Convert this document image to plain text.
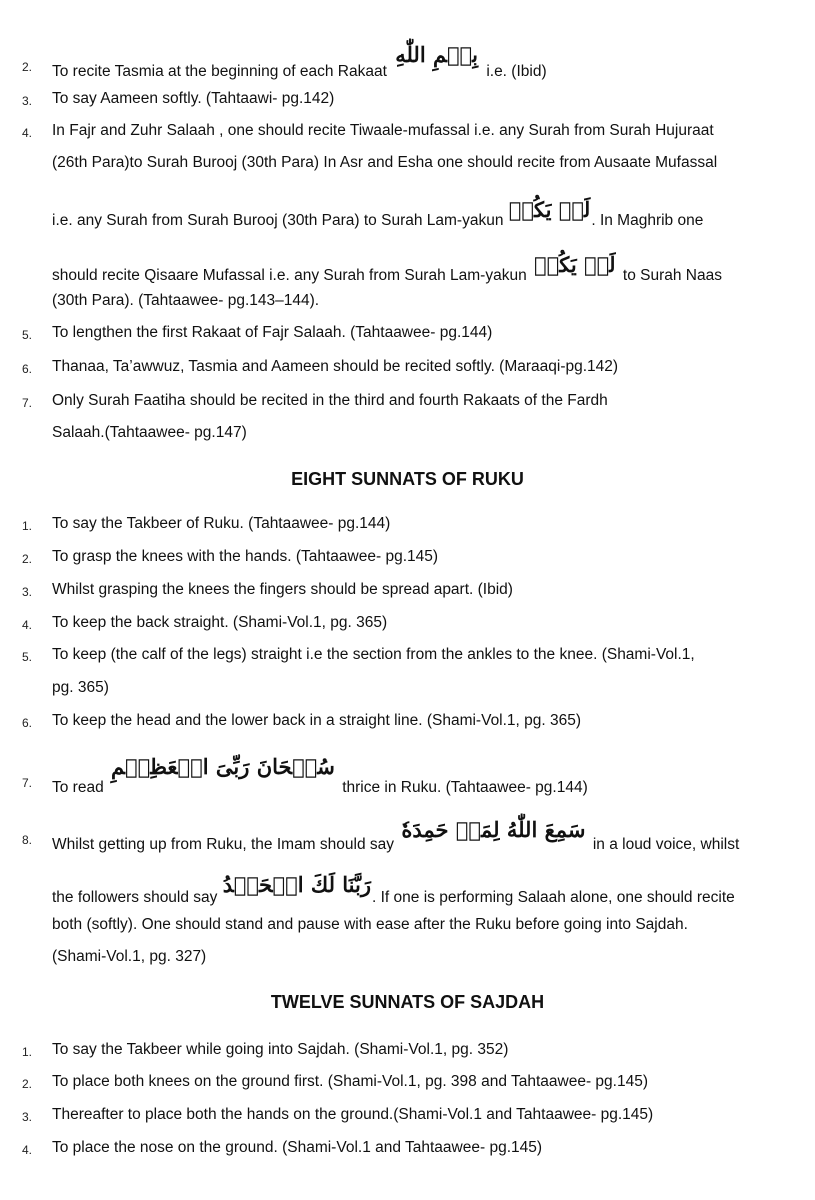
2. To recite Tasmia at the beginning of each Rakaat بِسۡمِ اللّٰهِ i.e. (Ibid)
3. To say Aameen softly. (Tahtaawi- pg.142)
4. In Fajr and Zuhr Salaah , one should recite Tiwaale-mufassal i.e. any Surah from Surah Hujuraat
(26th Para)to Surah Burooj (30th Para) In Asr and Esha one should recite from Ausaate Mufassal
i.e. any Surah from Surah Burooj (30th Para) to Surah Lam-yakun لَمۡ یَكُنۡ. In Maghrib one
should recite Qisaare Mufassal i.e. any Surah from Surah Lam-yakun لَمۡ یَكُنۡ to Surah Naas
(30th Para). (Tahtaawee- pg.143–144).
5. To lengthen the first Rakaat of Fajr Salaah. (Tahtaawee- pg.144)
6. Thanaa, Ta’awwuz, Tasmia and Aameen should be recited softly. (Maraaqi-pg.142)
7. Only Surah Faatiha should be recited in the third and fourth Rakaats of the Fardh
Salaah.(Tahtaawee- pg.147)
EIGHT SUNNATS OF RUKU
1. To say the Takbeer of Ruku. (Tahtaawee- pg.144)
2. To grasp the knees with the hands. (Tahtaawee- pg.145)
3. Whilst grasping the knees the fingers should be spread apart. (Ibid)
4. To keep the back straight. (Shami-Vol.1, pg. 365)
5. To keep (the calf of the legs) straight i.e the section from the ankles to the knee. (Shami-Vol.1,
pg. 365)
6. To keep the head and the lower back in a straight line. (Shami-Vol.1, pg. 365)
7. To read سُبۡحَانَ رَبِّیَ الۡعَظِیۡمِ thrice in Ruku. (Tahtaawee- pg.144)
8. Whilst getting up from Ruku, the Imam should say سَمِعَ اللّٰهُ لِمَنۡ حَمِدَهٗ in a loud voice, whilst
the followers should say رَبَّنَا لَكَ الۡحَمۡدُ. If one is performing Salaah alone, one should recite
both (softly). One should stand and pause with ease after the Ruku before going into Sajdah.
(Shami-Vol.1, pg. 327)
TWELVE SUNNATS OF SAJDAH
1. To say the Takbeer while going into Sajdah. (Shami-Vol.1, pg. 352)
2. To place both knees on the ground first. (Shami-Vol.1, pg. 398 and Tahtaawee- pg.145)
3. Thereafter to place both the hands on the ground.(Shami-Vol.1 and Tahtaawee- pg.145)
4. To place the nose on the ground. (Shami-Vol.1 and Tahtaawee- pg.145)
